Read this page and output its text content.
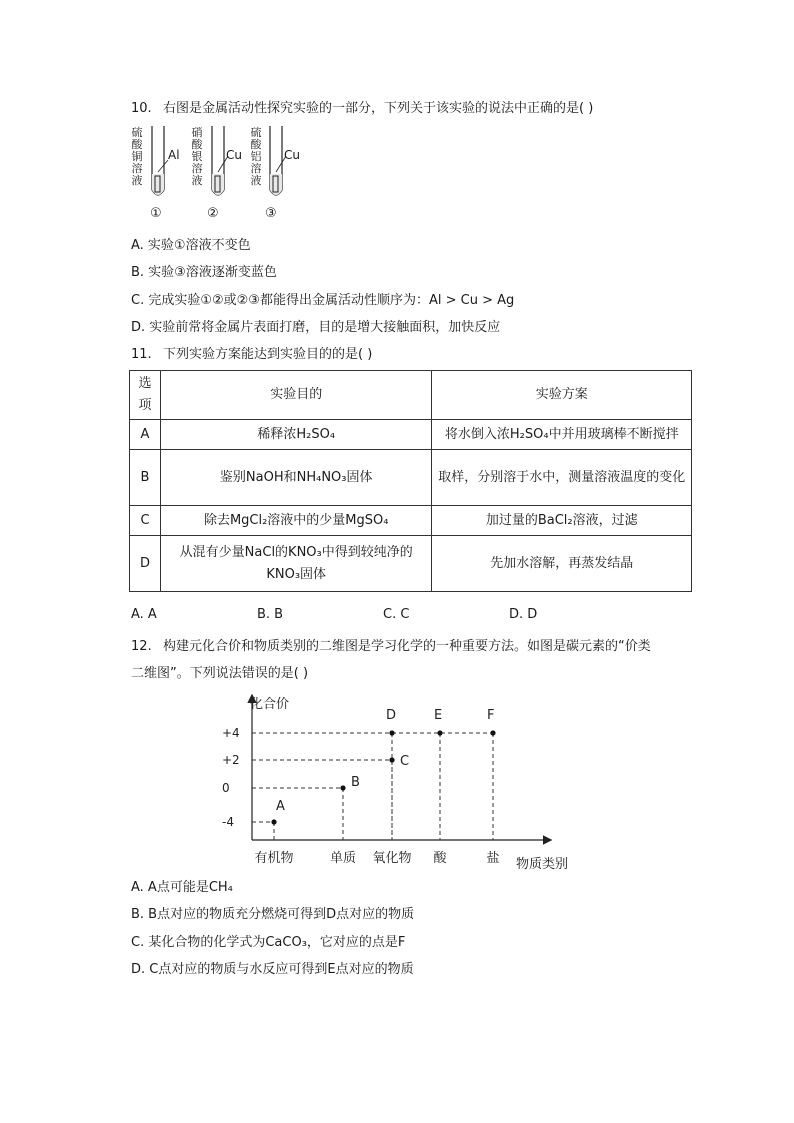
10. 右图是金属活动性探究实验的一部分，下列关于该实验的说法中正确的是( )
硫
酸
铜
溶
液
Al
①
硝
酸
银
溶
液
Cu
②
硫
酸
铝
溶
液
Cu
③
A. 实验①溶液不变色
B. 实验③溶液逐渐变蓝色
C. 完成实验①②或②③都能得出金属活动性顺序为：Al > Cu > Ag
D. 实验前常将金属片表面打磨，目的是增大接触面积，加快反应
11. 下列实验方案能达到实验目的的是( )
选项	实验目的	实验方案
A	稀释浓H₂SO₄	将水倒入浓H₂SO₄中并用玻璃棒不断搅拌
B	鉴别NaOH和NH₄NO₃固体	取样，分别溶于水中，测量溶液温度的变化
C	除去MgCl₂溶液中的少量MgSO₄	加过量的BaCl₂溶液，过滤
D	从混有少量NaCl的KNO₃中得到较纯净的KNO₃固体	先加水溶解，再蒸发结晶
A. A	B. B	C. C	D. D
12. 构建元化合价和物质类别的二维图是学习化学的一种重要方法。如图是碳元素的“价类
二维图”。下列说法错误的是( )
化合价
物质类别
+4
+2
0
-4
有机物	单质 氧化物 酸	盐
A
B
C
D	E	F
A. A点可能是CH₄
B. B点对应的物质充分燃烧可得到D点对应的物质
C. 某化合物的化学式为CaCO₃，它对应的点是F
D. C点对应的物质与水反应可得到E点对应的物质
